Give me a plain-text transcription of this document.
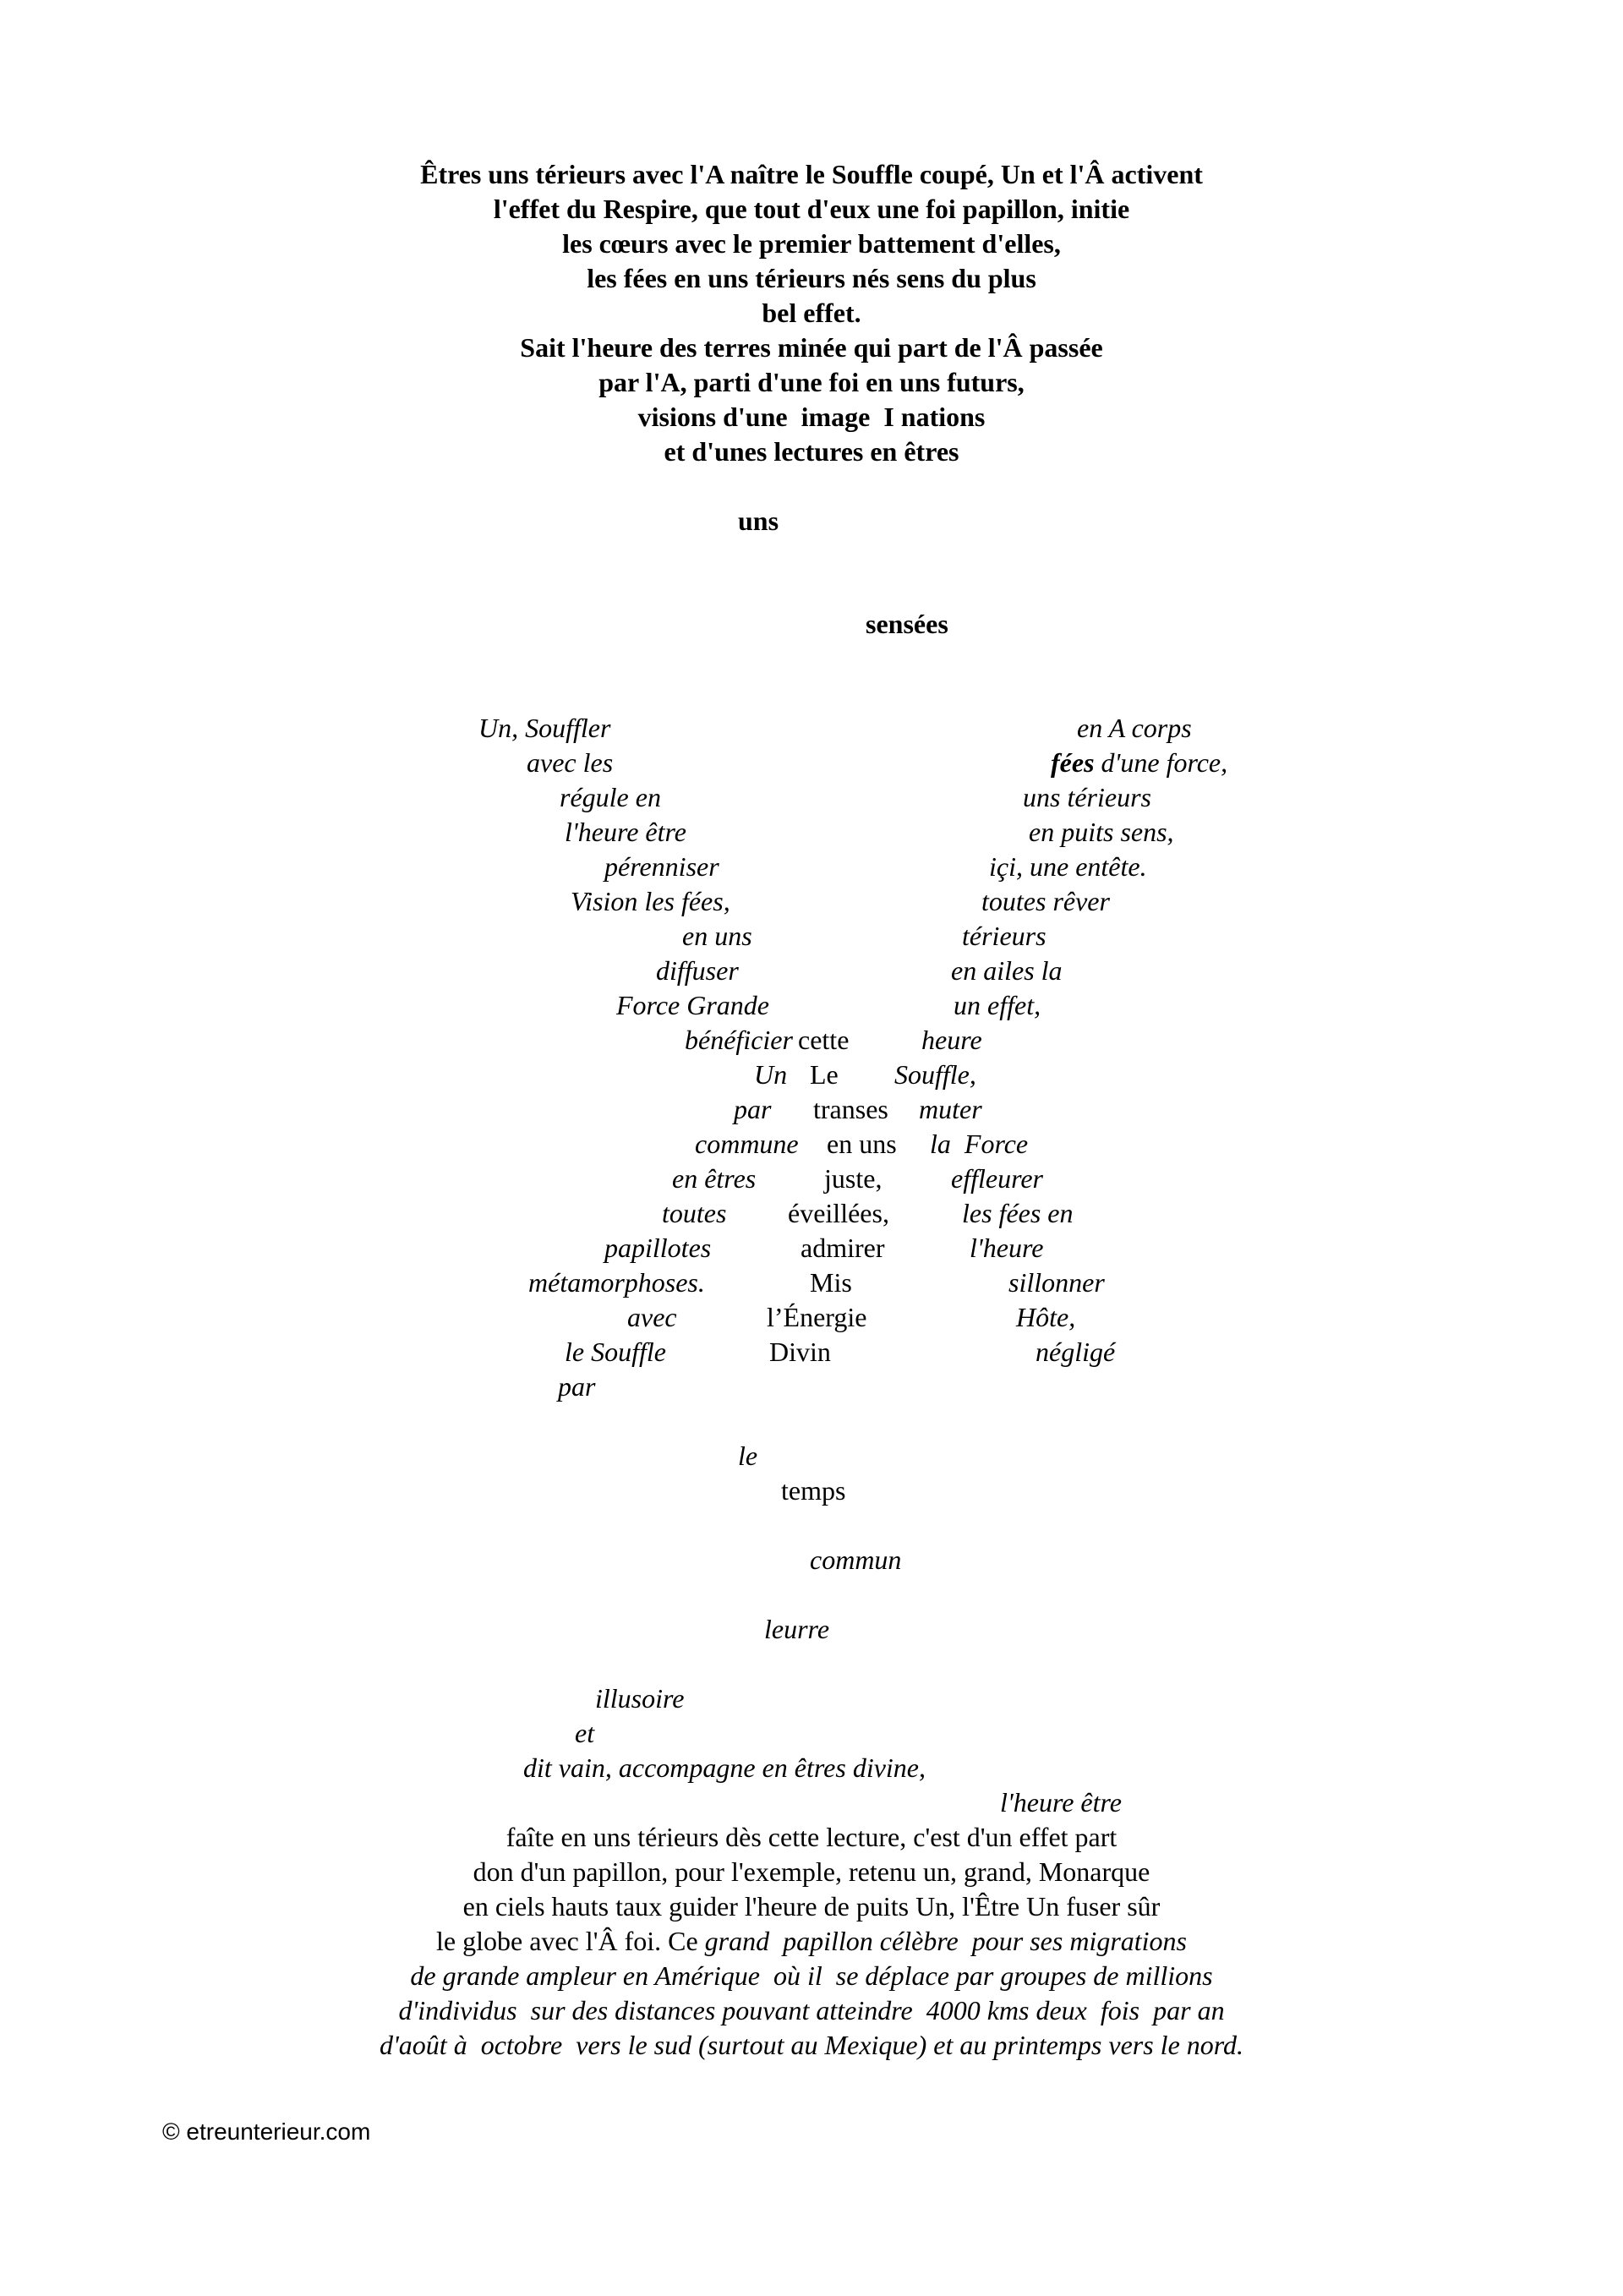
Êtres uns térieurs avec l'A naître le Souffle coupé, Un et l'Â activent
l'effet du Respire, que tout d'eux une foi papillon, initie
les cœurs avec le premier battement d'elles,
les fées en uns térieurs nés sens du plus
bel effet.
Sait l'heure des terres minée qui part de l'Â passée
par l'A, parti d'une foi en uns futurs,
visions d'une  image  I nations
et d'unes lectures en êtres
uns
sensées
Un, Souffler
avec les
régule en
l'heure être
pérenniser
Vision les fées,
en uns
diffuser
Force Grande
bénéficier
Un
par
commune
en êtres
toutes
papillotes
métamorphoses.
avec
le Souffle
par
cette
Le
transes
en uns
juste,
éveillées,
admirer
Mis
l’Énergie
Divin
en A corps
fées d'une force,
uns térieurs
en puits sens,
içi, une entête.
toutes rêver
térieurs
en ailes la
un effet,
heure
Souffle,
muter
la  Force
effleurer
les fées en
l'heure
sillonner
Hôte,
négligé
le
temps
commun
leurre
illusoire
et
dit vain, accompagne en êtres divine,
l'heure être
faîte en uns térieurs dès cette lecture, c'est d'un effet part
don d'un papillon, pour l'exemple, retenu un, grand, Monarque
en ciels hauts taux guider l'heure de puits Un, l'Être Un fuser sûr
le globe avec l'Â foi. Ce grand  papillon célèbre  pour ses migrations
de grande ampleur en Amérique  où il  se déplace par groupes de millions
d'individus  sur des distances pouvant atteindre  4000 kms deux  fois  par an
d'août à  octobre  vers le sud (surtout au Mexique) et au printemps vers le nord.
© etreunterieur.com
